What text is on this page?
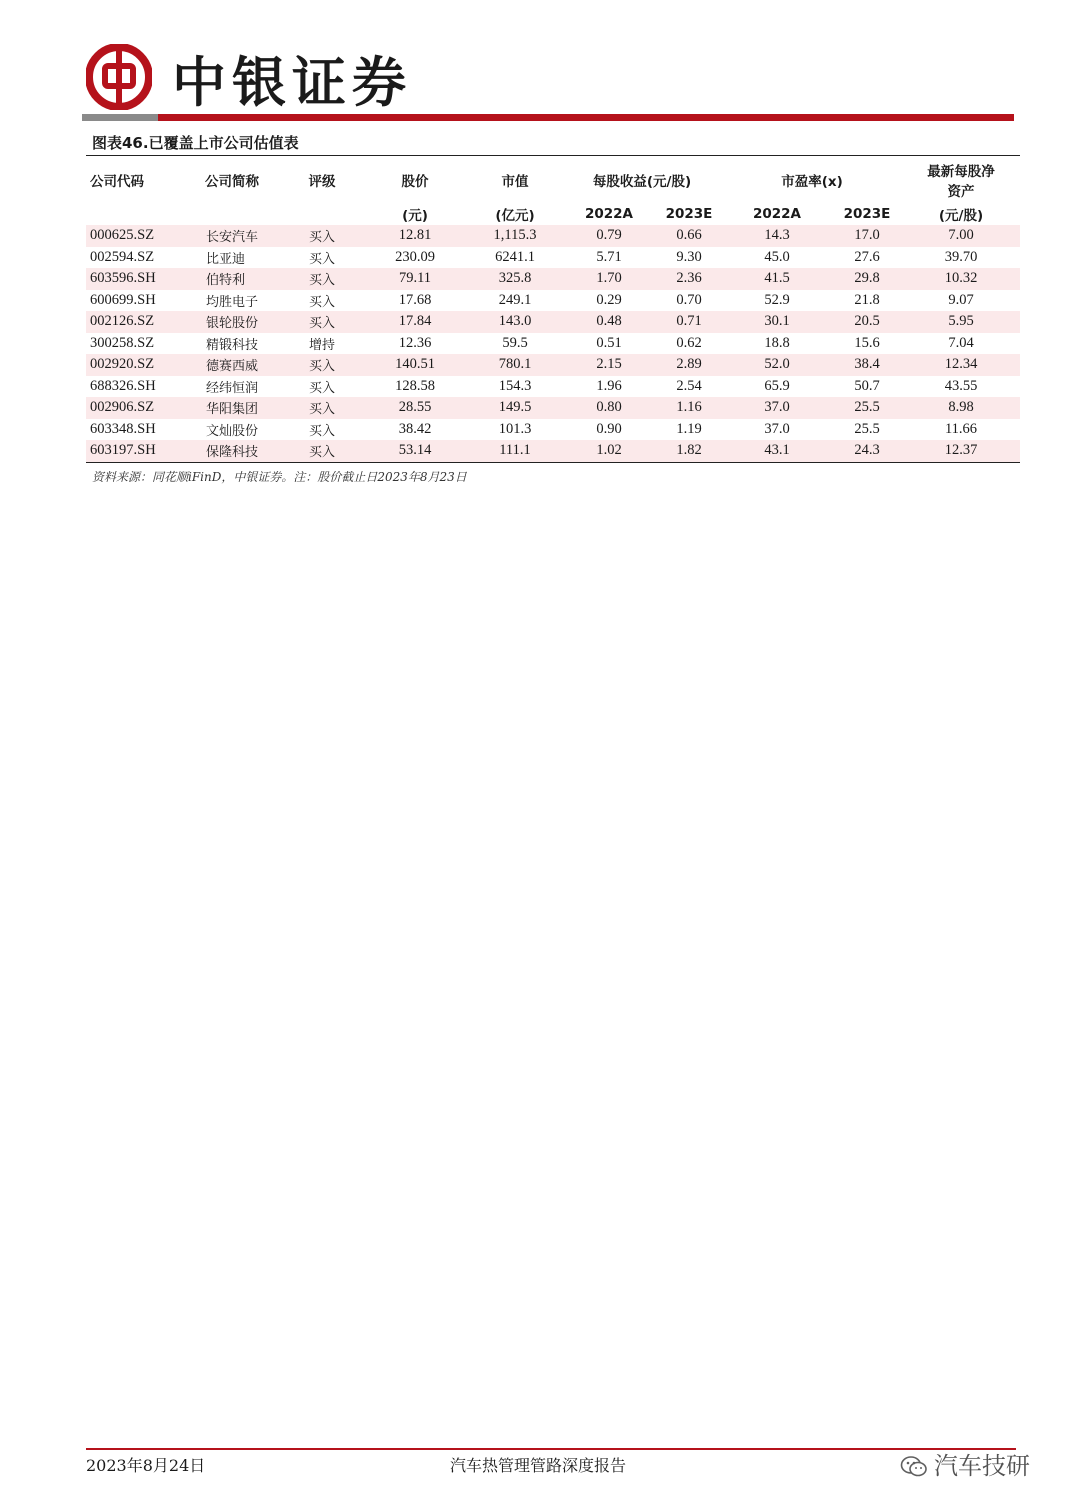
中银证券
图表46.已覆盖上市公司估值表
公司代码	公司简称	评级	股价	市值	每股收益(元/股)		市盈率(x)		最新每股净
资产

			(元)	(亿元)	2022A	2023E	2022A	2023E	(元/股)
000625.SZ	长安汽车	买入	12.81	1,115.3	0.79	0.66	14.3	17.0	7.00
002594.SZ	比亚迪	买入	230.09	6241.1	5.71	9.30	45.0	27.6	39.70
603596.SH	伯特利	买入	79.11	325.8	1.70	2.36	41.5	29.8	10.32
600699.SH	均胜电子	买入	17.68	249.1	0.29	0.70	52.9	21.8	9.07
002126.SZ	银轮股份	买入	17.84	143.0	0.48	0.71	30.1	20.5	5.95
300258.SZ	精锻科技	增持	12.36	59.5	0.51	0.62	18.8	15.6	7.04
002920.SZ	德赛西威	买入	140.51	780.1	2.15	2.89	52.0	38.4	12.34
688326.SH	经纬恒润	买入	128.58	154.3	1.96	2.54	65.9	50.7	43.55
002906.SZ	华阳集团	买入	28.55	149.5	0.80	1.16	37.0	25.5	8.98
603348.SH	文灿股份	买入	38.42	101.3	0.90	1.19	37.0	25.5	11.66
603197.SH	保隆科技	买入	53.14	111.1	1.02	1.82	43.1	24.3	12.37
资料来源：同花顺iFinD，中银证券。注：股价截止日2023年8月23日
2023年8月24日	汽车热管理管路深度报告	汽车技研
